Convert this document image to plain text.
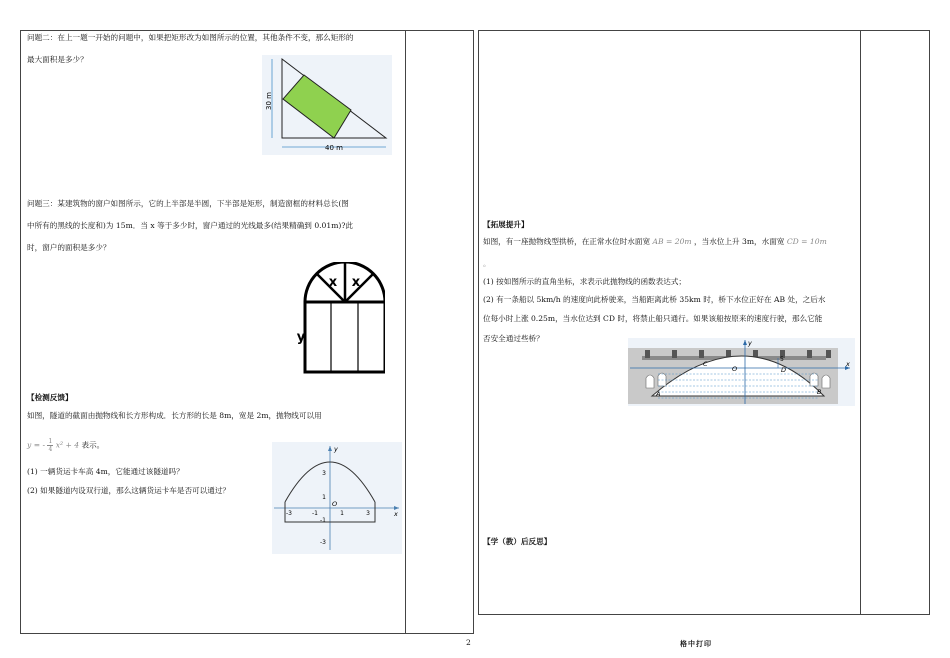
问题二：在上一题一开始的问题中，如果把矩形改为如图所示的位置，其他条件不变，那么矩形的
最大面积是多少？
30 m
40 m
问题三：某建筑物的窗户如图所示，它的上半部是半圆，下半部是矩形，制造窗框的材料总长(图
中所有的黑线的长度和)为 15m．当 x 等于多少时，窗户通过的光线最多(结果精确到 0.01m)?此
时，窗户的面积是多少？
x x
y
【检测反馈】
如图，隧道的截面由抛物线和长方形构成．长方形的长是 8m，宽是 2m，抛物线可以用
y = - $\frac{1}{4} x^2 + 4$ 表示。
(1) 一辆货运卡车高 4m，它能通过该隧道吗？
(2) 如果隧道内设双行道，那么这辆货运卡车是否可以通过？
y
x
O
-3	-1	1	3
3
1
-1
-3
【拓展提升】
如图，有一座抛物线型拱桥，在正常水位时水面宽 AB = 20m ，当水位上升 3m，水面宽 CD = 10m
。
(1) 按如图所示的直角坐标，求表示此抛物线的函数表达式；
(2) 有一条船以 5km/h 的速度向此桥驶来，当船距离此桥 35km 时，桥下水位正好在 AB 处，之后水
位每小时上涨 0.25m，当水位达到 CD 时，将禁止船只通行。如果该船按原来的速度行驶，那么它能
否安全通过些桥？	y
x
O
C
D
5
A	B
【学（教）后反思】
2	格中打印
